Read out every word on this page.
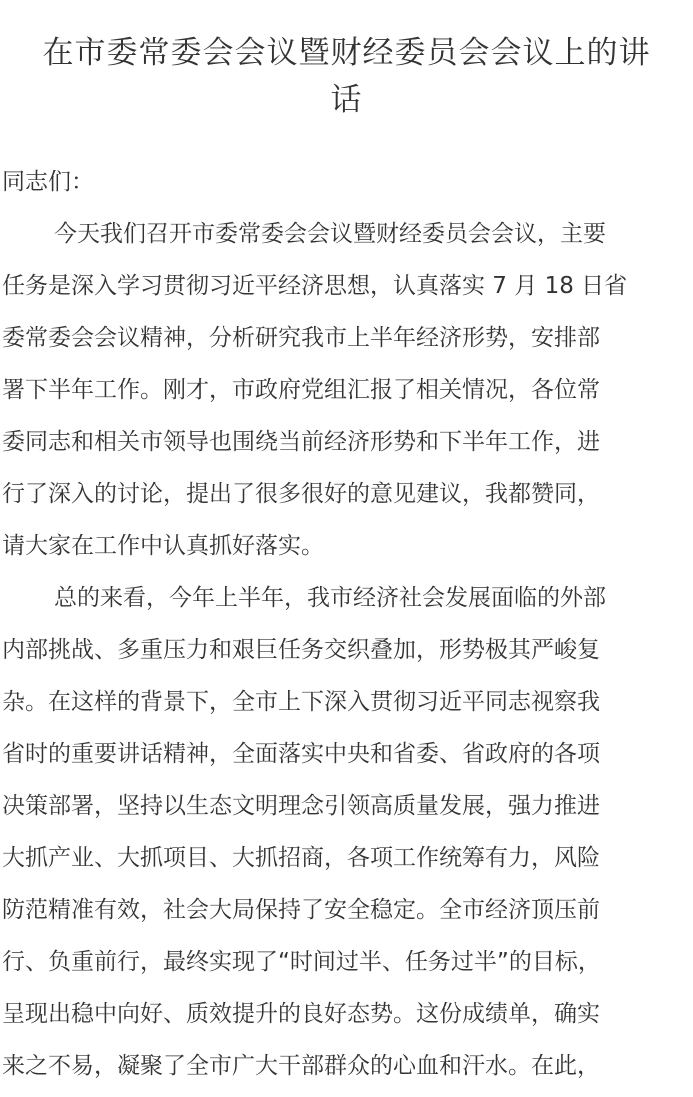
在市委常委会会议暨财经委员会会议上的讲
话

同志们：

今天我们召开市委常委会会议暨财经委员会会议，主要

任务是深入学习贯彻习近平经济思想，认真落实 7 月 18 日省

委常委会会议精神，分析研究我市上半年经济形势，安排部

署下半年工作。刚才，市政府党组汇报了相关情况，各位常

委同志和相关市领导也围绕当前经济形势和下半年工作，进

行了深入的讨论，提出了很多很好的意见建议，我都赞同，

请大家在工作中认真抓好落实。

总的来看，今年上半年，我市经济社会发展面临的外部

内部挑战、多重压力和艰巨任务交织叠加，形势极其严峻复

杂。在这样的背景下，全市上下深入贯彻习近平同志视察我

省时的重要讲话精神，全面落实中央和省委、省政府的各项

决策部署，坚持以生态文明理念引领高质量发展，强力推进

大抓产业、大抓项目、大抓招商，各项工作统筹有力，风险

防范精准有效，社会大局保持了安全稳定。全市经济顶压前

行、负重前行，最终实现了“时间过半、任务过半”的目标，

呈现出稳中向好、质效提升的良好态势。这份成绩单，确实

来之不易，凝聚了全市广大干部群众的心血和汗水。在此，
